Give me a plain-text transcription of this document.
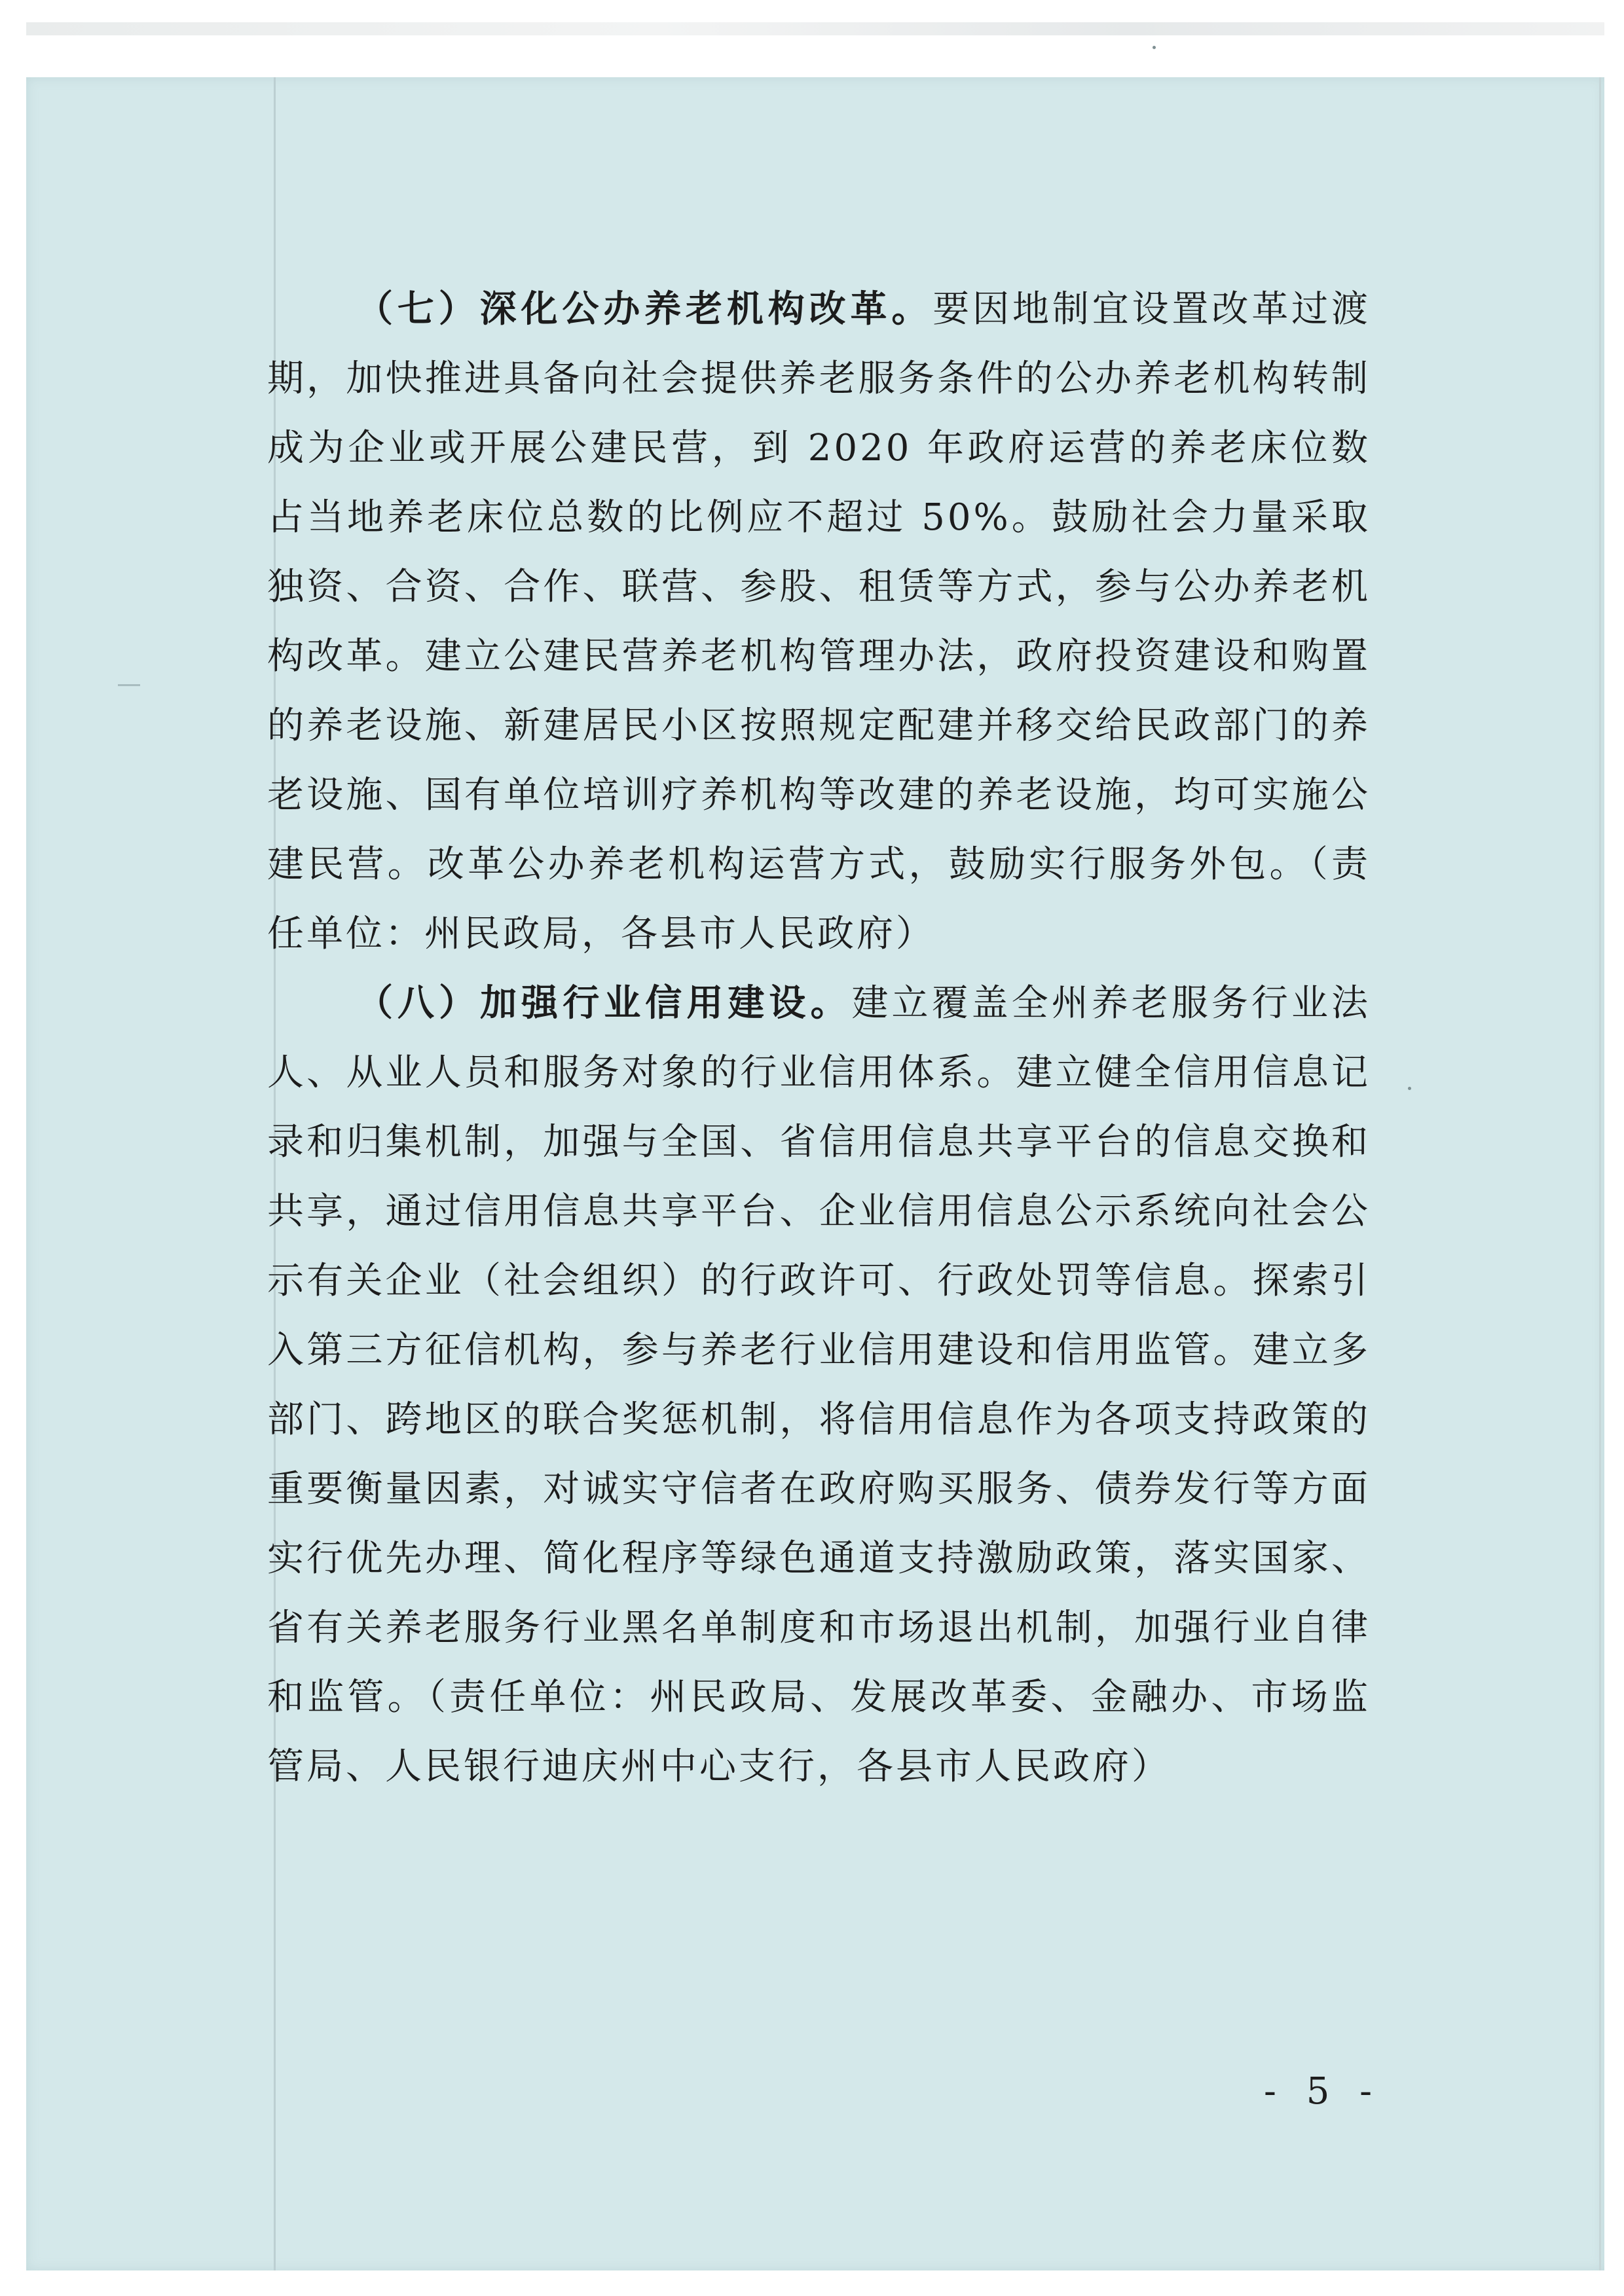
（七）深化公办养老机构改革。要因地制宜设置改革过渡期，加快推进具备向社会提供养老服务条件的公办养老机构转制成为企业或开展公建民营，到 2020 年政府运营的养老床位数占当地养老床位总数的比例应不超过 50%。鼓励社会力量采取独资、合资、合作、联营、参股、租赁等方式，参与公办养老机构改革。建立公建民营养老机构管理办法，政府投资建设和购置的养老设施、新建居民小区按照规定配建并移交给民政部门的养老设施、国有单位培训疗养机构等改建的养老设施，均可实施公建民营。改革公办养老机构运营方式，鼓励实行服务外包。（责任单位：州民政局，各县市人民政府）

（八）加强行业信用建设。建立覆盖全州养老服务行业法人、从业人员和服务对象的行业信用体系。建立健全信用信息记录和归集机制，加强与全国、省信用信息共享平台的信息交换和共享，通过信用信息共享平台、企业信用信息公示系统向社会公示有关企业（社会组织）的行政许可、行政处罚等信息。探索引入第三方征信机构，参与养老行业信用建设和信用监管。建立多部门、跨地区的联合奖惩机制，将信用信息作为各项支持政策的重要衡量因素，对诚实守信者在政府购买服务、债券发行等方面实行优先办理、简化程序等绿色通道支持激励政策，落实国家、省有关养老服务行业黑名单制度和市场退出机制，加强行业自律和监管。（责任单位：州民政局、发展改革委、金融办、市场监管局、人民银行迪庆州中心支行，各县市人民政府）

- 5 -
